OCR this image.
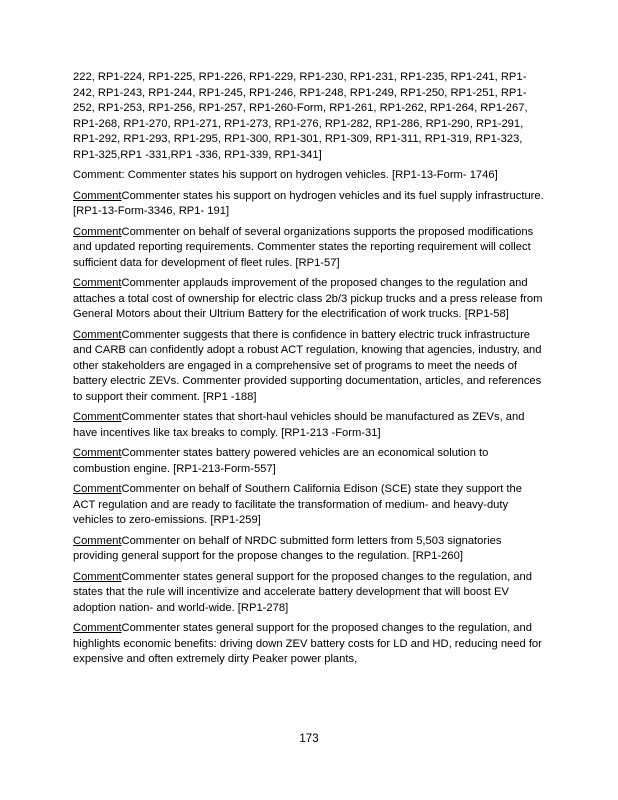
222, RP1-224, RP1-225, RP1-226, RP1-229, RP1-230, RP1-231, RP1-235, RP1-241, RP1-242, RP1-243, RP1-244, RP1-245, RP1-246, RP1-248, RP1-249, RP1-250, RP1-251, RP1-252, RP1-253, RP1-256, RP1-257, RP1-260-Form, RP1-261, RP1-262, RP1-264, RP1-267, RP1-268, RP1-270, RP1-271, RP1-273, RP1-276, RP1-282, RP1-286, RP1-290, RP1-291, RP1-292, RP1-293, RP1-295, RP1-300, RP1-301, RP1-309, RP1-311, RP1-319, RP1-323, RP1-325,RP1 -331,RP1 -336, RP1-339, RP1-341]

Comment: Commenter states his support on hydrogen vehicles. [RP1-13-Form- 1746]

CommentCommenter states his support on hydrogen vehicles and its fuel supply infrastructure. [RP1-13-Form-3346, RP1- 191]

CommentCommenter on behalf of several organizations supports the proposed modifications and updated reporting requirements. Commenter states the reporting requirement will collect sufficient data for development of fleet rules. [RP1-57]

CommentCommenter applauds improvement of the proposed changes to the regulation and attaches a total cost of ownership for electric class 2b/3 pickup trucks and a press release from General Motors about their Ultrium Battery for the electrification of work trucks. [RP1-58]

CommentCommenter suggests that there is confidence in battery electric truck infrastructure and CARB can confidently adopt a robust ACT regulation, knowing that agencies, industry, and other stakeholders are engaged in a comprehensive set of programs to meet the needs of battery electric ZEVs. Commenter provided supporting documentation, articles, and references to support their comment. [RP1 -188]

CommentCommenter states that short-haul vehicles should be manufactured as ZEVs, and have incentives like tax breaks to comply. [RP1-213 -Form-31]

CommentCommenter states battery powered vehicles are an economical solution to combustion engine. [RP1-213-Form-557]

CommentCommenter on behalf of Southern California Edison (SCE) state they support the ACT regulation and are ready to facilitate the transformation of medium- and heavy-duty vehicles to zero-emissions. [RP1-259]

CommentCommenter on behalf of NRDC submitted form letters from 5,503 signatories providing general support for the propose changes to the regulation. [RP1-260]

CommentCommenter states general support for the proposed changes to the regulation, and states that the rule will incentivize and accelerate battery development that will boost EV adoption nation- and world-wide. [RP1-278]

CommentCommenter states general support for the proposed changes to the regulation, and highlights economic benefits: driving down ZEV battery costs for LD and HD, reducing need for expensive and often extremely dirty Peaker power plants,

173
